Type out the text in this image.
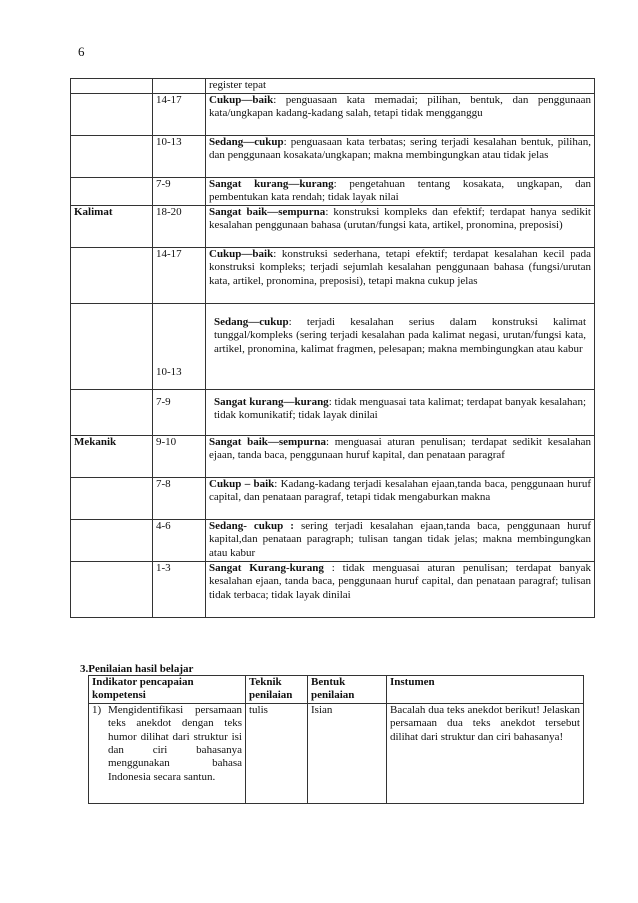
6
		register tepat
	14-17	Cukup—baik: penguasaan kata memadai; pilihan, bentuk, dan penggunaan kata/ungkapan kadang-kadang salah, tetapi tidak mengganggu
	10-13	Sedang—cukup: penguasaan kata terbatas; sering terjadi kesalahan bentuk, pilihan, dan penggunaan kosakata/ungkapan; makna membingungkan atau tidak jelas
	7-9	Sangat kurang—kurang: pengetahuan tentang kosakata, ungkapan, dan pembentukan kata rendah; tidak layak nilai
Kalimat	18-20	Sangat baik—sempurna: konstruksi kompleks dan efektif; terdapat hanya sedikit kesalahan penggunaan bahasa (urutan/fungsi kata, artikel, pronomina, preposisi)
	14-17	Cukup—baik: konstruksi sederhana, tetapi efektif; terdapat kesalahan kecil pada konstruksi kompleks; terjadi sejumlah kesalahan penggunaan bahasa (fungsi/urutan kata, artikel, pronomina, preposisi), tetapi makna cukup jelas
	10-13	Sedang—cukup: terjadi kesalahan serius dalam konstruksi kalimat tunggal/kompleks (sering terjadi kesalahan pada kalimat negasi, urutan/fungsi kata, artikel, pronomina, kalimat fragmen, pelesapan; makna membingungkan atau kabur
	7-9	Sangat kurang—kurang: tidak menguasai tata kalimat; terdapat banyak kesalahan; tidak komunikatif; tidak layak dinilai
Mekanik	9-10	Sangat baik—sempurna: menguasai aturan penulisan; terdapat sedikit kesalahan ejaan, tanda baca, penggunaan huruf kapital, dan penataan paragraf
	7-8	Cukup – baik: Kadang-kadang terjadi kesalahan ejaan,tanda baca, penggunaan huruf capital, dan penataan paragraf, tetapi tidak mengaburkan makna
	4-6	Sedang- cukup : sering terjadi kesalahan ejaan,tanda baca, penggunaan huruf kapital,dan penataan paragraph; tulisan tangan tidak jelas; makna membingungkan atau kabur
	1-3	Sangat Kurang-kurang : tidak menguasai aturan penulisan; terdapat banyak kesalahan ejaan, tanda baca, penggunaan huruf capital, dan penataan paragraf; tulisan tidak terbaca; tidak layak dinilai
3.Penilaian hasil belajar
Indikator pencapaian kompetensi	Teknik penilaian	Bentuk penilaian	Instumen

1) Mengidentifikasi persamaan teks anekdot dengan teks humor dilihat dari struktur isi dan ciri bahasanya menggunakan bahasa Indonesia secara santun.	tulis	Isian	Bacalah dua teks anekdot berikut! Jelaskan persamaan dua teks anekdot tersebut dilihat dari struktur dan ciri bahasanya!
